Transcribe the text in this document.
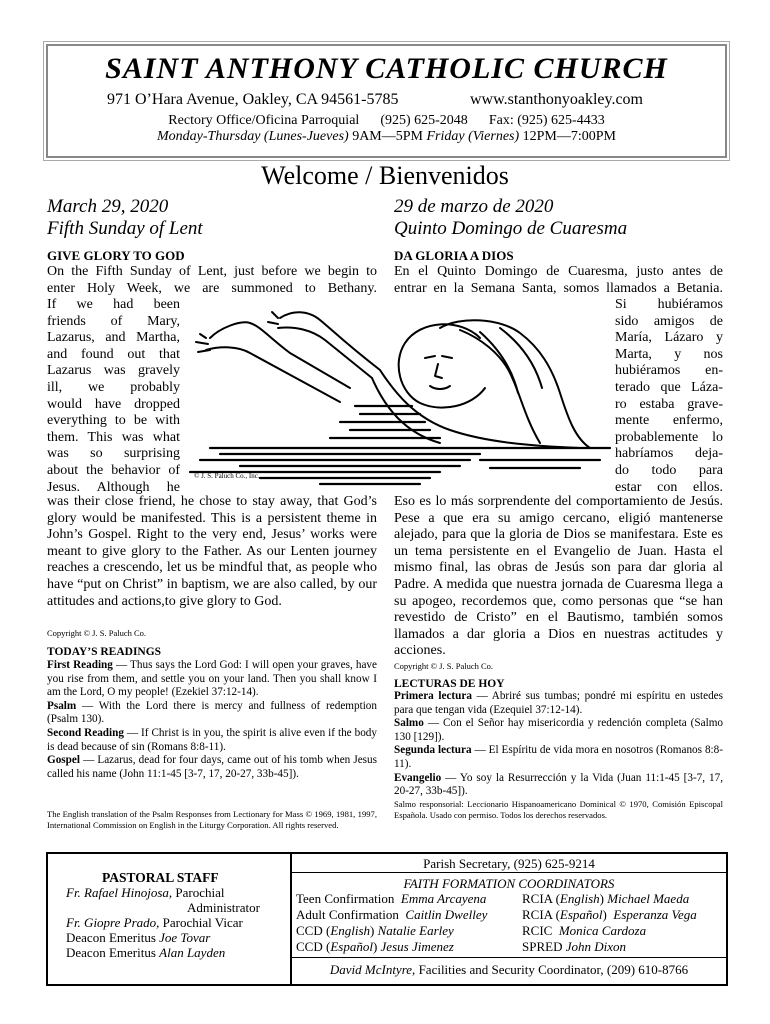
SAINT ANTHONY CATHOLIC CHURCH
971 O’Hara Avenue, Oakley, CA 94561-5785	www.stanthonyoakley.com
Rectory Office/Oficina Parroquial (925) 625-2048 Fax: (925) 625-4433
Monday-Thursday (Lunes-Jueves) 9AM—5PM Friday (Viernes) 12PM—7:00PM
Welcome / Bienvenidos
March 29, 2020
Fifth Sunday of Lent
GIVE GLORY TO GOD
On the Fifth Sunday of Lent, just before we begin to
enter Holy Week, we are summoned to Bethany.
If we had been
friends of Mary,
Lazarus, and Martha,
and found out that
Lazarus was gravely
ill, we probably
would have dropped
everything to be with
them. This was what
was so surprising
about the behavior of
Jesus. Although he
was their close friend, he chose to stay away, that God’s glory would be manifested. This is a persistent theme in John’s Gospel. Right to the very end, Jesus’ works were meant to give glory to the Father. As our Lenten journey reaches a crescendo, let us be mindful that, as people who have “put on Christ” in baptism, we are also called, by our attitudes and actions,to give glory to God.
Copyright © J. S. Paluch Co.
TODAY’S READINGS
First Reading — Thus says the Lord God: I will open your graves, have you rise from them, and settle you on your land. Then you shall know I am the Lord, O my people! (Ezekiel 37:12-14).
Psalm — With the Lord there is mercy and fullness of redemption (Psalm 130).
Second Reading — If Christ is in you, the spirit is alive even if the body is dead because of sin (Romans 8:8-11).
Gospel — Lazarus, dead for four days, came out of his tomb when Jesus called his name (John 11:1-45 [3-7, 17, 20-27, 33b-45]).
The English translation of the Psalm Responses from Lectionary for Mass © 1969, 1981, 1997, International Commission on English in the Liturgy Corporation. All rights reserved.
29 de marzo de 2020
Quinto Domingo de Cuaresma
DA GLORIA A DIOS
En el Quinto Domingo de Cuaresma, justo antes de
entrar en la Semana Santa, somos llamados a Betania.
Si hubiéramos
sido amigos de
María, Lázaro y
Marta, y nos
hubiéramos en-
terado que Láza-
ro estaba grave-
mente enfermo,
probablemente lo
habríamos deja-
do todo para
estar con ellos.
Eso es lo más sorprendente del comportamiento de Jesús. Pese a que era su amigo cercano, eligió mantenerse alejado, para que la gloria de Dios se manifestara. Este es un tema persistente en el Evangelio de Juan. Hasta el mismo final, las obras de Jesús son para dar gloria al Padre. A medida que nuestra jornada de Cuaresma llega a su apogeo, recordemos que, como personas que “se han revestido de Cristo” en el Bautismo, también somos llamados a dar gloria a Dios en nuestras actitudes y acciones.
Copyright © J. S. Paluch Co.
LECTURAS DE HOY
Primera lectura — Abriré sus tumbas; pondré mi espíritu en ustedes para que tengan vida (Ezequiel 37:12-14).
Salmo — Con el Señor hay misericordia y redención completa (Salmo 130 [129]).
Segunda lectura — El Espíritu de vida mora en nosotros (Romanos 8:8-11).
Evangelio — Yo soy la Resurrección y la Vida (Juan 11:1-45 [3-7, 17, 20-27, 33b-45]).
Salmo responsorial: Leccionario Hispanoamericano Dominical © 1970, Comisión Episcopal Española. Usado con permiso. Todos los derechos reservados.
© J. S. Paluch Co., Inc.
PASTORAL STAFF
Fr. Rafael Hinojosa, Parochial
Administrator
Fr. Giopre Prado, Parochial Vicar
Deacon Emeritus Joe Tovar
Deacon Emeritus Alan Layden
Parish Secretary, (925) 625-9214
FAITH FORMATION COORDINATORS
Teen Confirmation Emma Arcayena
Adult Confirmation Caitlin Dwelley
CCD (English) Natalie Earley
CCD (Español) Jesus Jimenez
RCIA (English) Michael Maeda
RCIA (Español) Esperanza Vega
RCIC Monica Cardoza
SPRED John Dixon
David McIntyre, Facilities and Security Coordinator, (209) 610-8766
